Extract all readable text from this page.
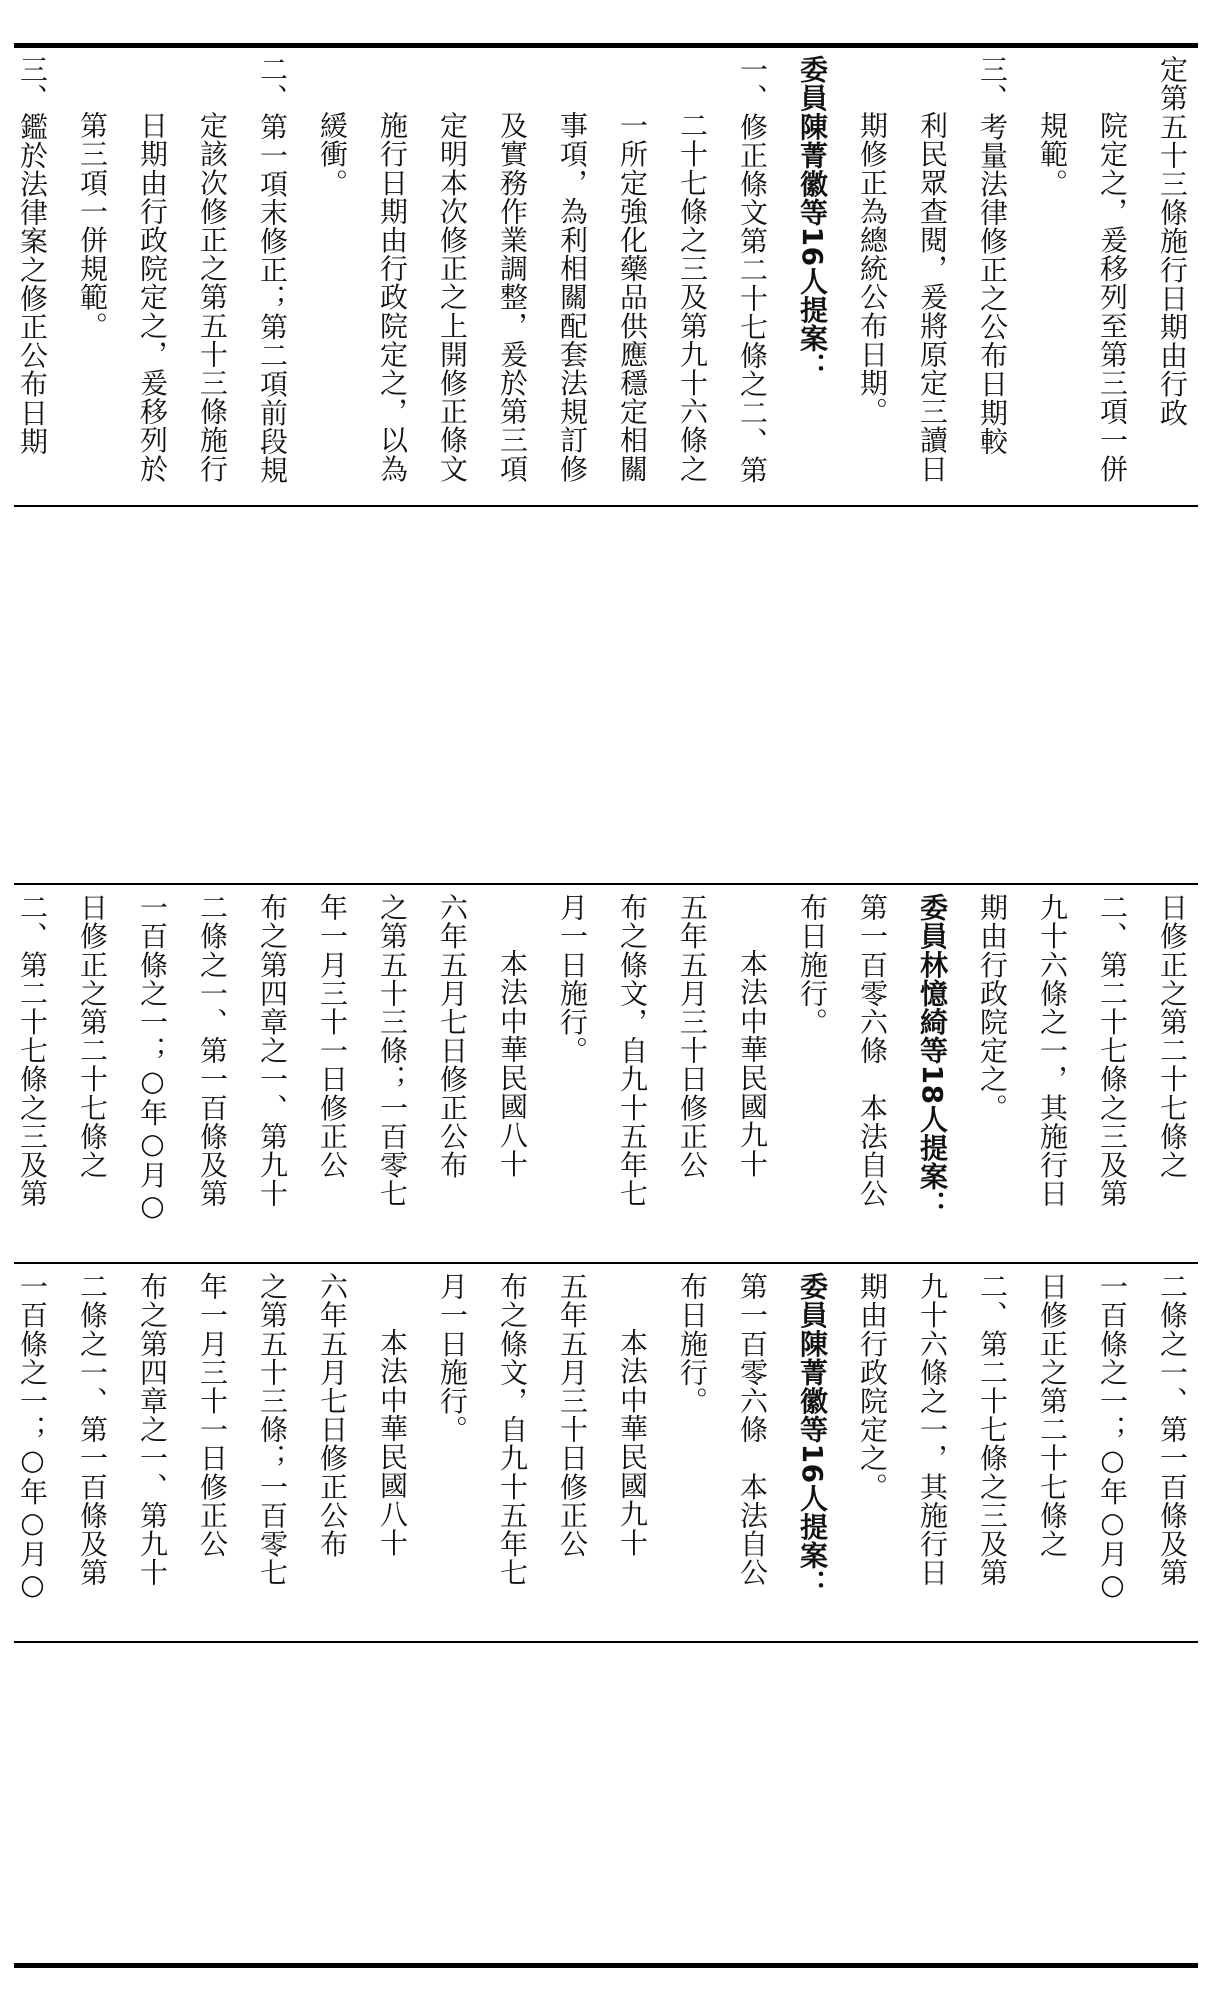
定第五十三條施行日期由行政
院定之，爰移列至第三項一併
規範。
三、考量法律修正之公布日期較
利民眾查閱，爰將原定三讀日
期修正為總統公布日期。
委員陳菁徽等16人提案：
一、修正條文第二十七條之二、第
二十七條之三及第九十六條之
一所定強化藥品供應穩定相關
事項，為利相關配套法規訂修
及實務作業調整，爰於第三項
定明本次修正之上開修正條文
施行日期由行政院定之，以為
緩衝。
二、第一項末修正；第二項前段規
定該次修正之第五十三條施行
日期由行政院定之，爰移列於
第三項一併規範。
三、鑑於法律案之修正公布日期
日修正之第二十七條之
二、第二十七條之三及第
九十六條之一，其施行日
期由行政院定之。
委員林憶綺等18人提案：
第一百零六條　本法自公
布日施行。
本法中華民國九十
五年五月三十日修正公
布之條文，自九十五年七
月一日施行。
本法中華民國八十
六年五月七日修正公布
之第五十三條；一百零七
年一月三十一日修正公
布之第四章之一、第九十
二條之一、第一百條及第
一百條之一；○年○月○
日修正之第二十七條之
二、第二十七條之三及第
二條之一、第一百條及第
一百條之一；○年○月○
日修正之第二十七條之
二、第二十七條之三及第
九十六條之一，其施行日
期由行政院定之。
委員陳菁徽等16人提案：
第一百零六條　本法自公
布日施行。
本法中華民國九十
五年五月三十日修正公
布之條文，自九十五年七
月一日施行。
本法中華民國八十
六年五月七日修正公布
之第五十三條；一百零七
年一月三十一日修正公
布之第四章之一、第九十
二條之一、第一百條及第
一百條之一；○年○月○
